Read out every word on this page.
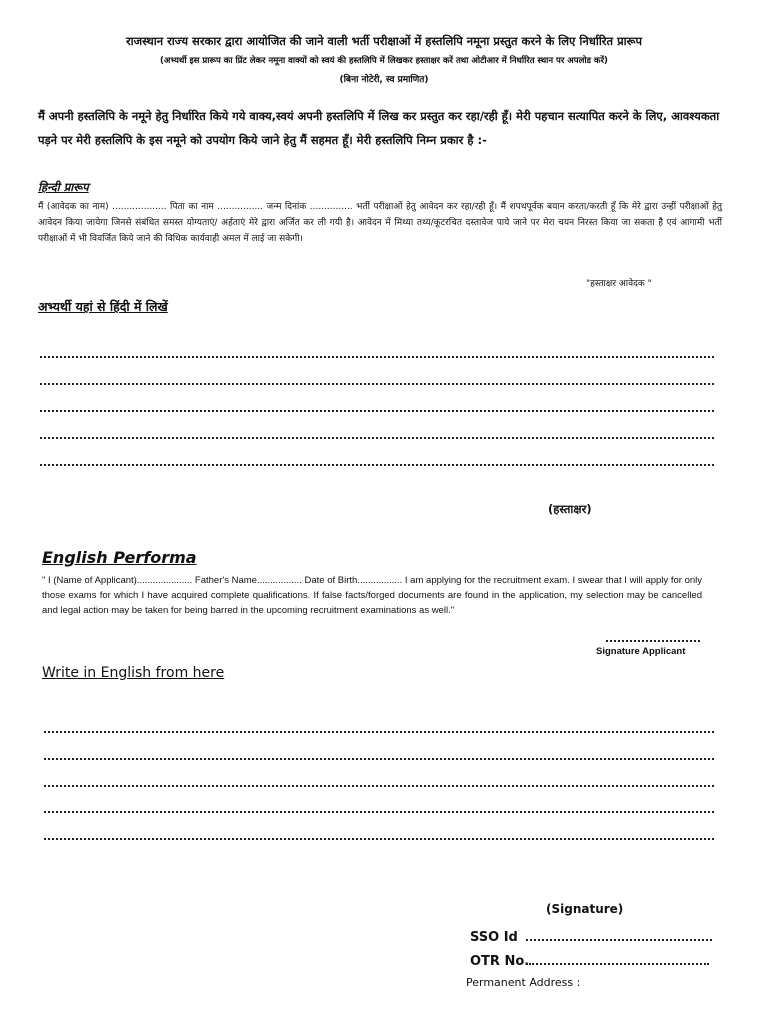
राजस्थान राज्य सरकार द्वारा आयोजित की जाने वाली भर्ती परीक्षाओं में हस्तलिपि नमूना प्रस्तुत करने के लिए निर्धारित प्रारूप
(अभ्यर्थी इस प्रारूप का प्रिंट लेकर नमूना वाक्यों को स्वयं की हस्तलिपि में लिखकर हस्ताक्षर करें तथा ओटीआर में निर्धारित स्थान पर अपलोड करें)
(बिना नोटेरी, स्व प्रमाणित)
मैं अपनी हस्तलिपि के नमूने हेतु निर्धारित किये गये वाक्य,स्वयं अपनी हस्तलिपि में लिख कर प्रस्तुत कर रहा/रही हूँ। मेरी पहचान सत्यापित करने के लिए, आवश्यकता पड़ने पर मेरी हस्तलिपि के इस नमूने को उपयोग किये जाने हेतु मैं सहमत हूँ। मेरी हस्तलिपि निम्न प्रकार है :-
हिन्दी प्रारूप
मैं (आवेदक का नाम) ................... पिता का नाम ................ जन्म दिनांक ............... भर्ती परीक्षाओं हेतु आवेदन कर रहा/रही हूँ। मैं शपथपूर्वक बयान करता/करती हूँ कि मेरे द्वारा उन्हीं परीक्षाओं हेतु आवेदन किया जायेगा जिनसे संबंधित समस्त योग्यताएं/ अर्हताएं मेरे द्वारा अर्जित कर ली गयी है। आवेदन में मिथ्या तथ्य/कूटरचित दस्तावेज पाये जाने पर मेरा चयन निरस्त किया जा सकता है एवं आगामी भर्ती परीक्षाओं में भी विवर्जित किये जाने की विधिक कार्यवाही अमल में लाई जा सकेगी।
"हस्ताक्षर आवेदक "
अभ्यर्थी यहां से हिंदी में लिखें
(हस्ताक्षर)
English Performa
" I (Name of Applicant)..................... Father's Name................. Date of Birth................. I am applying for the recruitment exam. I swear that I will apply for only those exams for which I have acquired complete qualifications. If false facts/forged documents are found in the application, my selection may be cancelled and legal action may be taken for being barred in the upcoming recruitment examinations as well."
Signature Applicant
Write in English from here
(Signature)
SSO Id
OTR No.
Permanent Address :
